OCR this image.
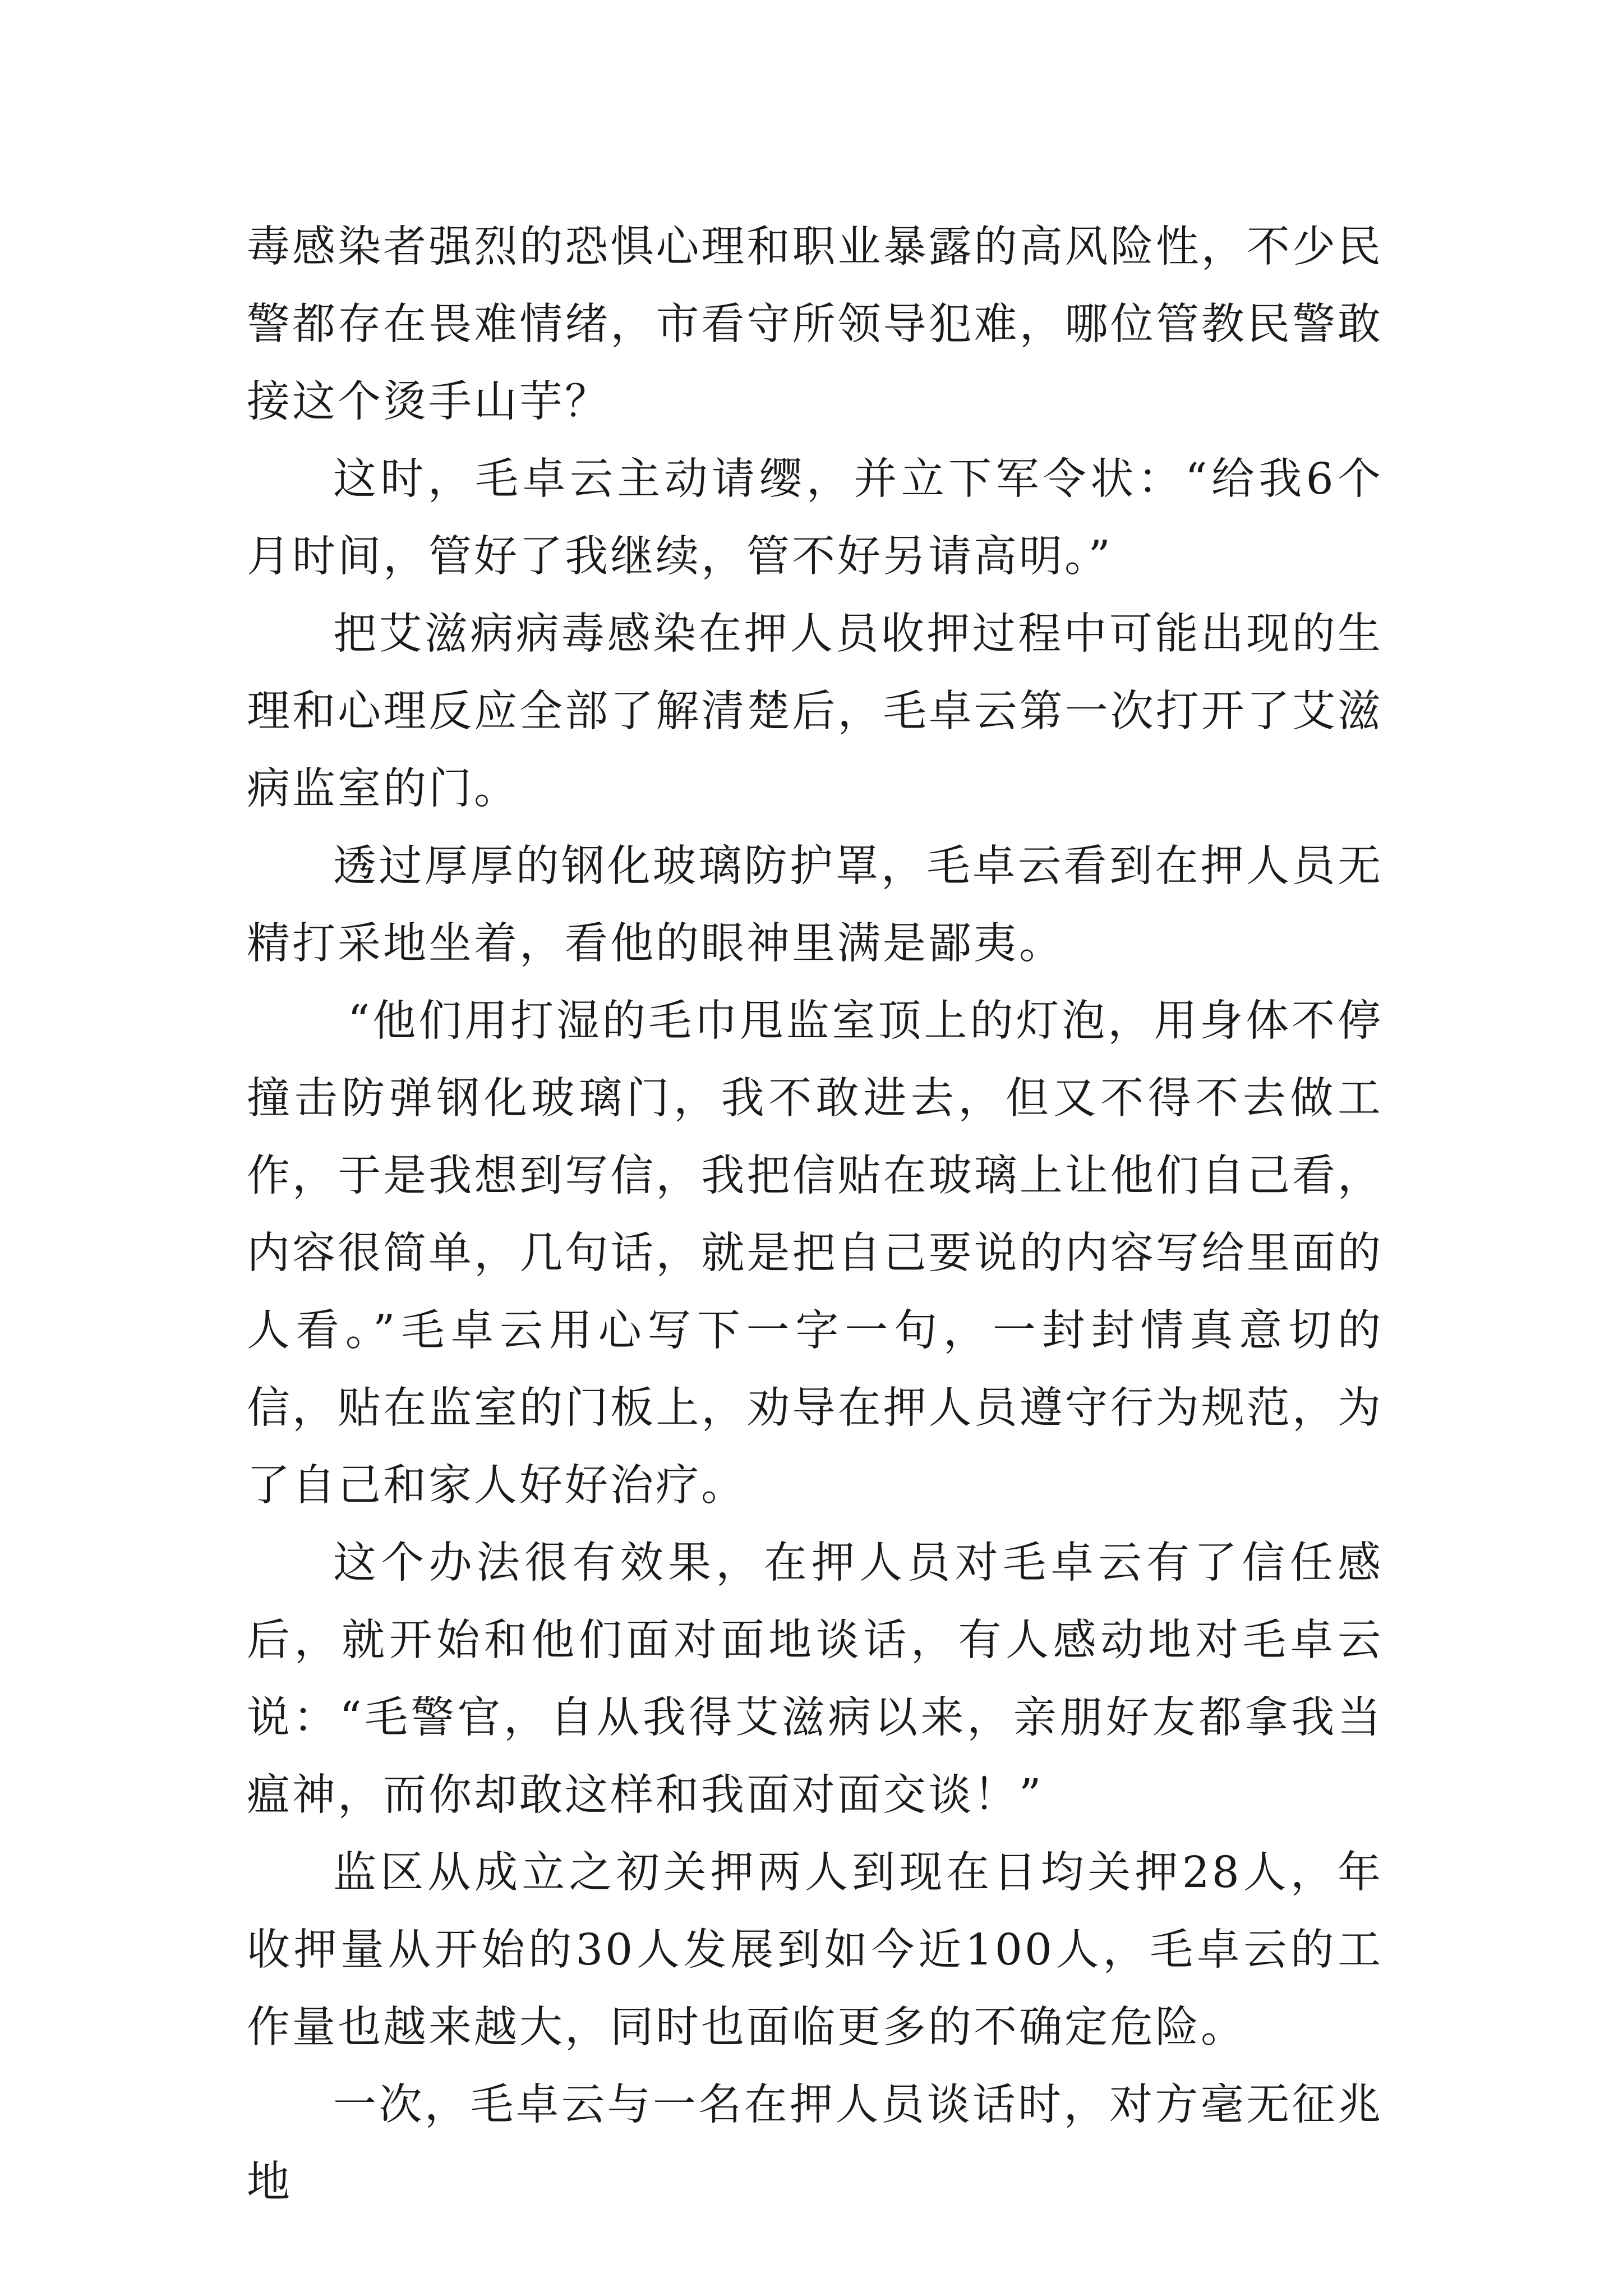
毒感染者强烈的恐惧心理和职业暴露的高风险性，不少民警都存在畏难情绪，市看守所领导犯难，哪位管教民警敢接这个烫手山芋？

这时，毛卓云主动请缨，并立下军令状：“给我6个月时间，管好了我继续，管不好另请高明。”

把艾滋病病毒感染在押人员收押过程中可能出现的生理和心理反应全部了解清楚后，毛卓云第一次打开了艾滋病监室的门。

透过厚厚的钢化玻璃防护罩，毛卓云看到在押人员无精打采地坐着，看他的眼神里满是鄙夷。

“他们用打湿的毛巾甩监室顶上的灯泡，用身体不停撞击防弹钢化玻璃门，我不敢进去，但又不得不去做工作，于是我想到写信，我把信贴在玻璃上让他们自己看，内容很简单，几句话，就是把自己要说的内容写给里面的人看。”毛卓云用心写下一字一句，一封封情真意切的信，贴在监室的门板上，劝导在押人员遵守行为规范，为了自己和家人好好治疗。

这个办法很有效果，在押人员对毛卓云有了信任感后，就开始和他们面对面地谈话，有人感动地对毛卓云说：“毛警官，自从我得艾滋病以来，亲朋好友都拿我当瘟神，而你却敢这样和我面对面交谈！”

监区从成立之初关押两人到现在日均关押28人，年收押量从开始的30人发展到如今近100人，毛卓云的工作量也越来越大，同时也面临更多的不确定危险。

一次，毛卓云与一名在押人员谈话时，对方毫无征兆地
